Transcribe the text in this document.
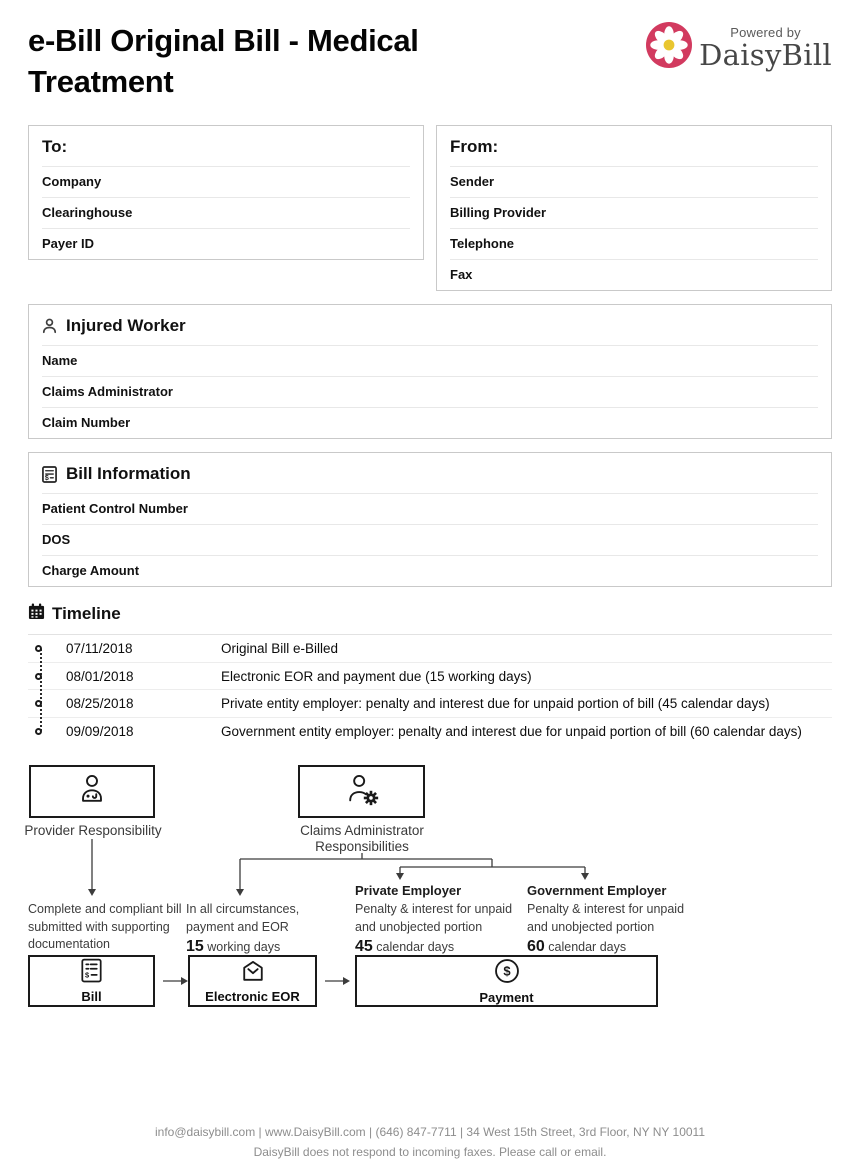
e-Bill Original Bill - Medical Treatment
Powered by
DaisyBill
To:
Company
Clearinghouse
Payer ID
From:
Sender
Billing Provider
Telephone
Fax
Injured Worker
Name
Claims Administrator
Claim Number
$ Bill Information
Patient Control Number
DOS
Charge Amount
Timeline
07/11/2018	Original Bill e-Billed
08/01/2018	Electronic EOR and payment due (15 working days)
08/25/2018	Private entity employer: penalty and interest due for unpaid portion of bill (45 calendar days)
09/09/2018	Government entity employer: penalty and interest due for unpaid portion of bill (60 calendar days)
Provider Responsibility	Claims Administrator
Responsibilities
Complete and compliant bill submitted with supporting documentation
In all circumstances,
payment and EOR
15 working days
Private Employer
Penalty & interest for unpaid
and unobjected portion
45 calendar days
Government Employer
Penalty & interest for unpaid
and unobjected portion
60 calendar days
$
Bill	Electronic EOR
$
Payment
info@daisybill.com | www.DaisyBill.com | (646) 847-7711 | 34 West 15th Street, 3rd Floor, NY NY 10011
DaisyBill does not respond to incoming faxes. Please call or email.
